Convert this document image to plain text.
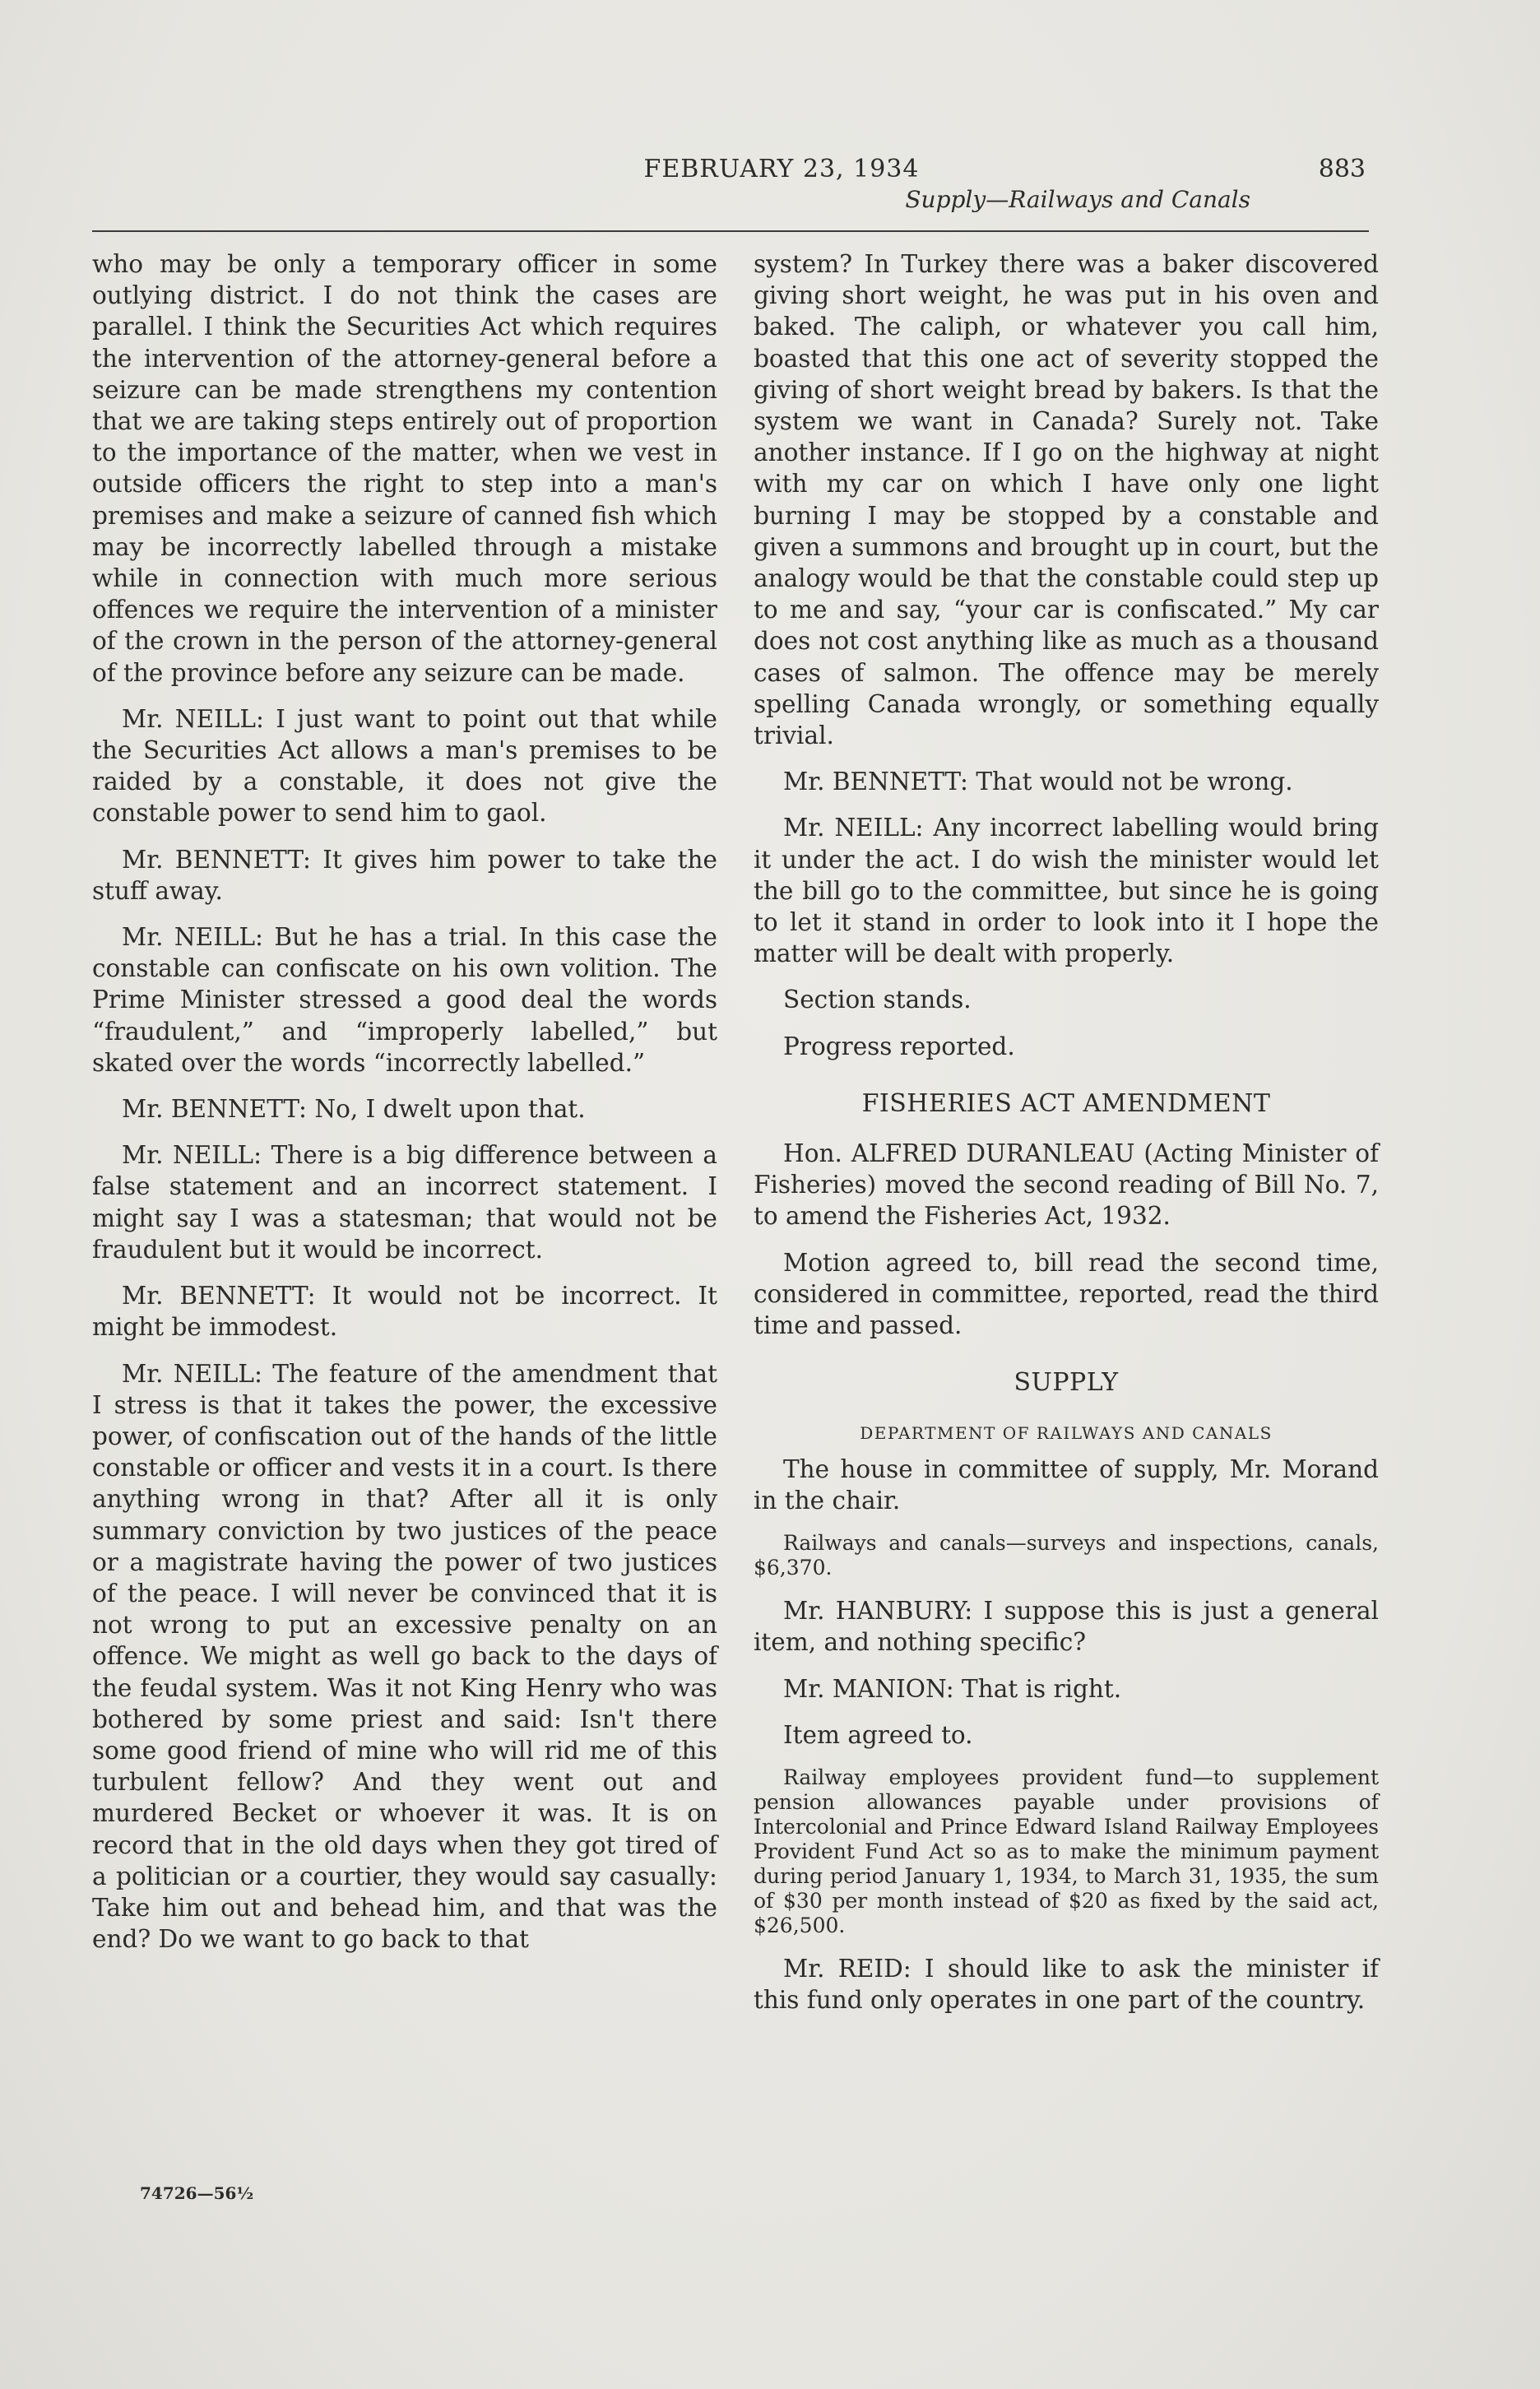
FEBRUARY 23, 1934	883
Supply—Railways and Canals

who may be only a temporary officer in some outlying district. I do not think the cases are parallel. I think the Securities Act which requires the intervention of the attorney-general before a seizure can be made strengthens my contention that we are taking steps entirely out of proportion to the importance of the matter, when we vest in outside officers the right to step into a man's premises and make a seizure of canned fish which may be incorrectly labelled through a mistake while in connection with much more serious offences we require the intervention of a minister of the crown in the person of the attorney-general of the province before any seizure can be made.

Mr. NEILL: I just want to point out that while the Securities Act allows a man's premises to be raided by a constable, it does not give the constable power to send him to gaol.

Mr. BENNETT: It gives him power to take the stuff away.

Mr. NEILL: But he has a trial. In this case the constable can confiscate on his own volition. The Prime Minister stressed a good deal the words “fraudulent,” and “improperly labelled,” but skated over the words “incorrectly labelled.”

Mr. BENNETT: No, I dwelt upon that.

Mr. NEILL: There is a big difference between a false statement and an incorrect statement. I might say I was a statesman; that would not be fraudulent but it would be incorrect.

Mr. BENNETT: It would not be incorrect. It might be immodest.

Mr. NEILL: The feature of the amendment that I stress is that it takes the power, the excessive power, of confiscation out of the hands of the little constable or officer and vests it in a court. Is there anything wrong in that? After all it is only summary conviction by two justices of the peace or a magistrate having the power of two justices of the peace. I will never be convinced that it is not wrong to put an excessive penalty on an offence. We might as well go back to the days of the feudal system. Was it not King Henry who was bothered by some priest and said: Isn't there some good friend of mine who will rid me of this turbulent fellow? And they went out and murdered Becket or whoever it was. It is on record that in the old days when they got tired of a politician or a courtier, they would say casually: Take him out and behead him, and that was the end? Do we want to go back to that

system? In Turkey there was a baker discovered giving short weight, he was put in his oven and baked. The caliph, or whatever you call him, boasted that this one act of severity stopped the giving of short weight bread by bakers. Is that the system we want in Canada? Surely not. Take another instance. If I go on the highway at night with my car on which I have only one light burning I may be stopped by a constable and given a summons and brought up in court, but the analogy would be that the constable could step up to me and say, “your car is confiscated.” My car does not cost anything like as much as a thousand cases of salmon. The offence may be merely spelling Canada wrongly, or something equally trivial.

Mr. BENNETT: That would not be wrong.

Mr. NEILL: Any incorrect labelling would bring it under the act. I do wish the minister would let the bill go to the committee, but since he is going to let it stand in order to look into it I hope the matter will be dealt with properly.

Section stands.

Progress reported.

FISHERIES ACT AMENDMENT

Hon. ALFRED DURANLEAU (Acting Minister of Fisheries) moved the second reading of Bill No. 7, to amend the Fisheries Act, 1932.

Motion agreed to, bill read the second time, considered in committee, reported, read the third time and passed.

SUPPLY

DEPARTMENT OF RAILWAYS AND CANALS

The house in committee of supply, Mr. Morand in the chair.

Railways and canals—surveys and inspections, canals, $6,370.

Mr. HANBURY: I suppose this is just a general item, and nothing specific?

Mr. MANION: That is right.

Item agreed to.

Railway employees provident fund—to supplement pension allowances payable under provisions of Intercolonial and Prince Edward Island Railway Employees Provident Fund Act so as to make the minimum payment during period January 1, 1934, to March 31, 1935, the sum of $30 per month instead of $20 as fixed by the said act, $26,500.

Mr. REID: I should like to ask the minister if this fund only operates in one part of the country.

74726—56½
